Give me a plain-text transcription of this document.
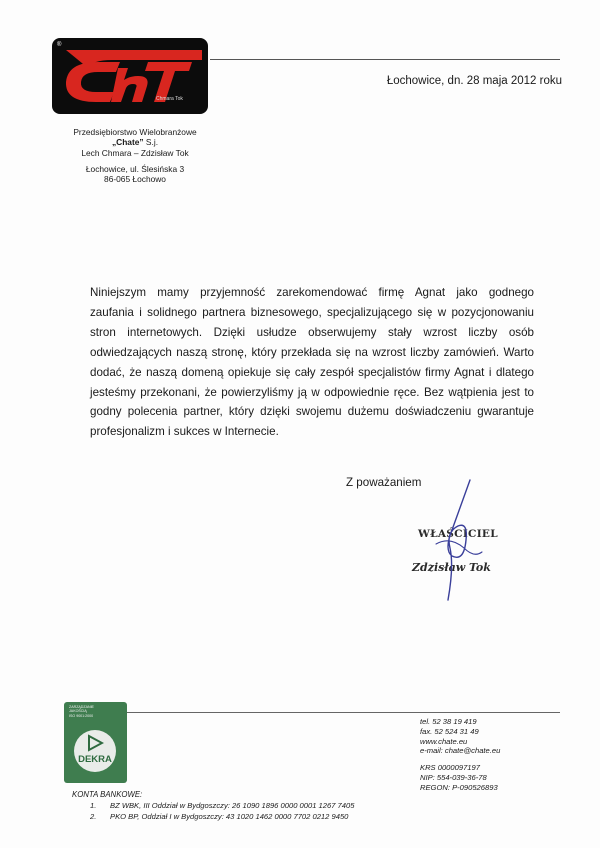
®
Chmara Tok
Łochowice, dn. 28 maja 2012 roku
Przedsiębiorstwo Wielobranżowe
„Chate” S.j.
Lech Chmara – Zdzisław Tok
Łochowice, ul. Ślesińska 3
86-065 Łochowo
Niniejszym mamy przyjemność zarekomendować firmę Agnat jako godnego
zaufania i solidnego partnera biznesowego, specjalizującego się w pozycjonowaniu
stron internetowych. Dzięki usłudze obserwujemy stały wzrost liczby osób
odwiedzających naszą stronę, który przekłada się na wzrost liczby zamówień. Warto
dodać, że naszą domeną opiekuje się cały zespół specjalistów firmy Agnat i dlatego
jesteśmy przekonani, że powierzyliśmy ją w odpowiednie ręce. Bez wątpienia jest to
godny polecenia partner, który dzięki swojemu dużemu doświadczeniu gwarantuje
profesjonalizm i sukces w Internecie.
Z poważaniem
WŁAŚCICIEL
Zdzisław Tok
ZARZĄDZANIE
JAKOŚCIĄ
ISO 9001:2000
DEKRA
tel. 52 38 19 419
fax. 52 524 31 49
www.chate.eu
e-mail: chate@chate.eu
KRS 0000097197
NIP: 554-039-36-78
REGON: P-090526893
KONTA BANKOWE:
1. BZ WBK, III Oddział w Bydgoszczy: 26 1090 1896 0000 0001 1267 7405
2. PKO BP, Oddział I w Bydgoszczy: 43 1020 1462 0000 7702 0212 9450
